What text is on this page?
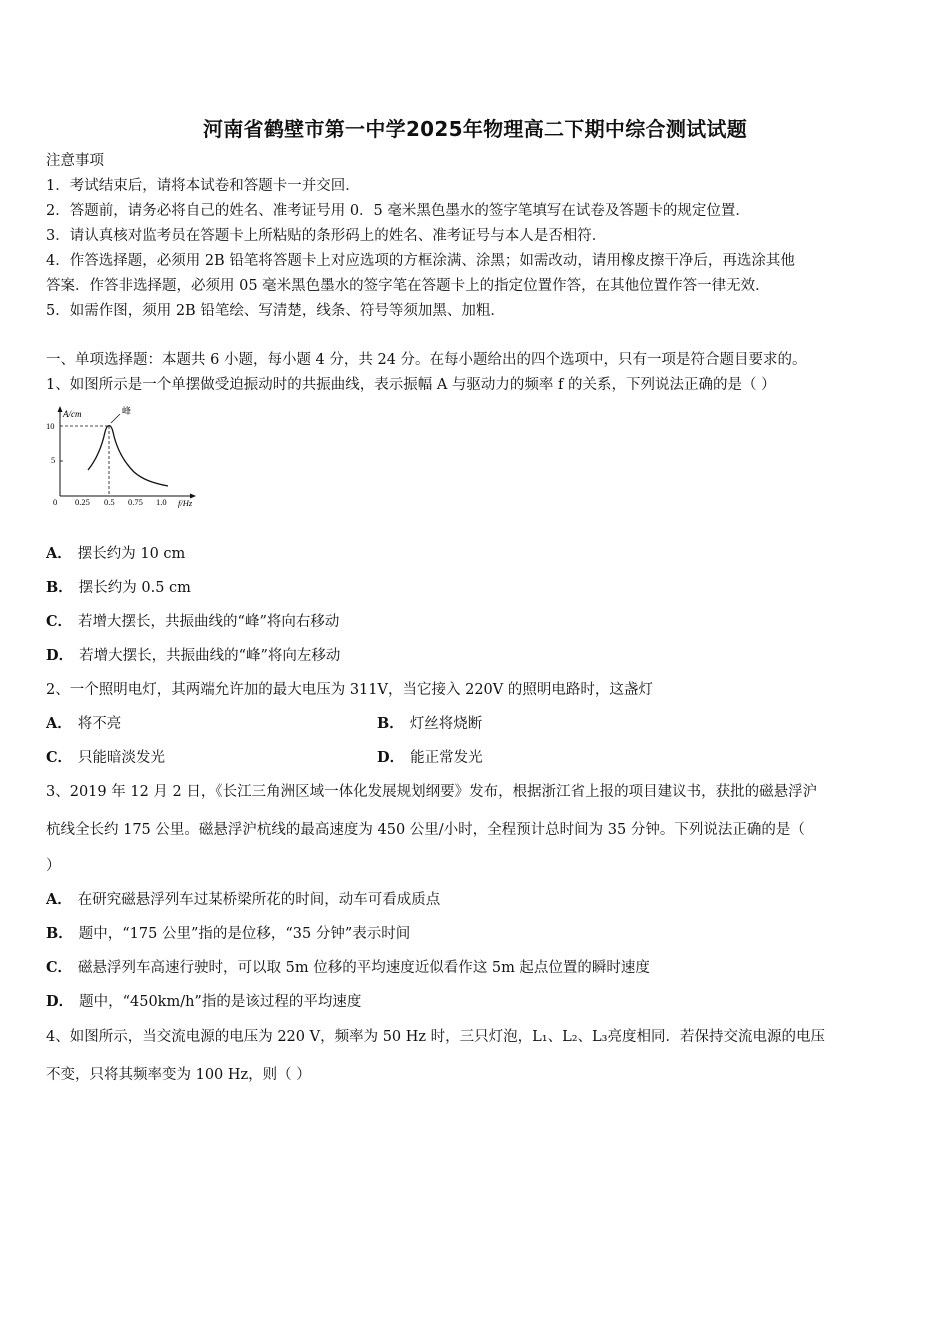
河南省鹤壁市第一中学2025年物理高二下期中综合测试试题
注意事项
1．考试结束后，请将本试卷和答题卡一并交回．
2．答题前，请务必将自己的姓名、准考证号用 0．5 毫米黑色墨水的签字笔填写在试卷及答题卡的规定位置．
3．请认真核对监考员在答题卡上所粘贴的条形码上的姓名、准考证号与本人是否相符．
4．作答选择题，必须用 2B 铅笔将答题卡上对应选项的方框涂满、涂黑；如需改动，请用橡皮擦干净后，再选涂其他
答案．作答非选择题，必须用 05 毫米黑色墨水的签字笔在答题卡上的指定位置作答，在其他位置作答一律无效．
5．如需作图，须用 2B 铅笔绘、写清楚，线条、符号等须加黑、加粗．
一、单项选择题：本题共 6 小题，每小题 4 分，共 24 分。在每小题给出的四个选项中，只有一项是符合题目要求的。
1、如图所示是一个单摆做受迫振动时的共振曲线，表示振幅 A 与驱动力的频率 f 的关系，下列说法正确的是（ ）
A/cm	峰
10
5
0 0.25 0.5 0.75 1.0 f/Hz
A． 摆长约为 10 cm
B． 摆长约为 0.5 cm
C． 若增大摆长，共振曲线的“峰”将向右移动
D． 若增大摆长，共振曲线的“峰”将向左移动
2、一个照明电灯，其两端允许加的最大电压为 311V，当它接入 220V 的照明电路时，这盏灯
A． 将不亮	B． 灯丝将烧断
C． 只能暗淡发光	D． 能正常发光
3、2019 年 12 月 2 日，《长江三角洲区域一体化发展规划纲要》发布，根据浙江省上报的项目建议书，获批的磁悬浮沪
杭线全长约 175 公里。磁悬浮沪杭线的最高速度为 450 公里/小时，全程预计总时间为 35 分钟。下列说法正确的是（
）
A． 在研究磁悬浮列车过某桥梁所花的时间，动车可看成质点
B． 题中，“175 公里”指的是位移，“35 分钟”表示时间
C． 磁悬浮列车高速行驶时，可以取 5m 位移的平均速度近似看作这 5m 起点位置的瞬时速度
D． 题中，“450km/h”指的是该过程的平均速度
4、如图所示，当交流电源的电压为 220 V，频率为 50 Hz 时，三只灯泡，L₁、L₂、L₃亮度相同．若保持交流电源的电压
不变，只将其频率变为 100 Hz，则（ ）
